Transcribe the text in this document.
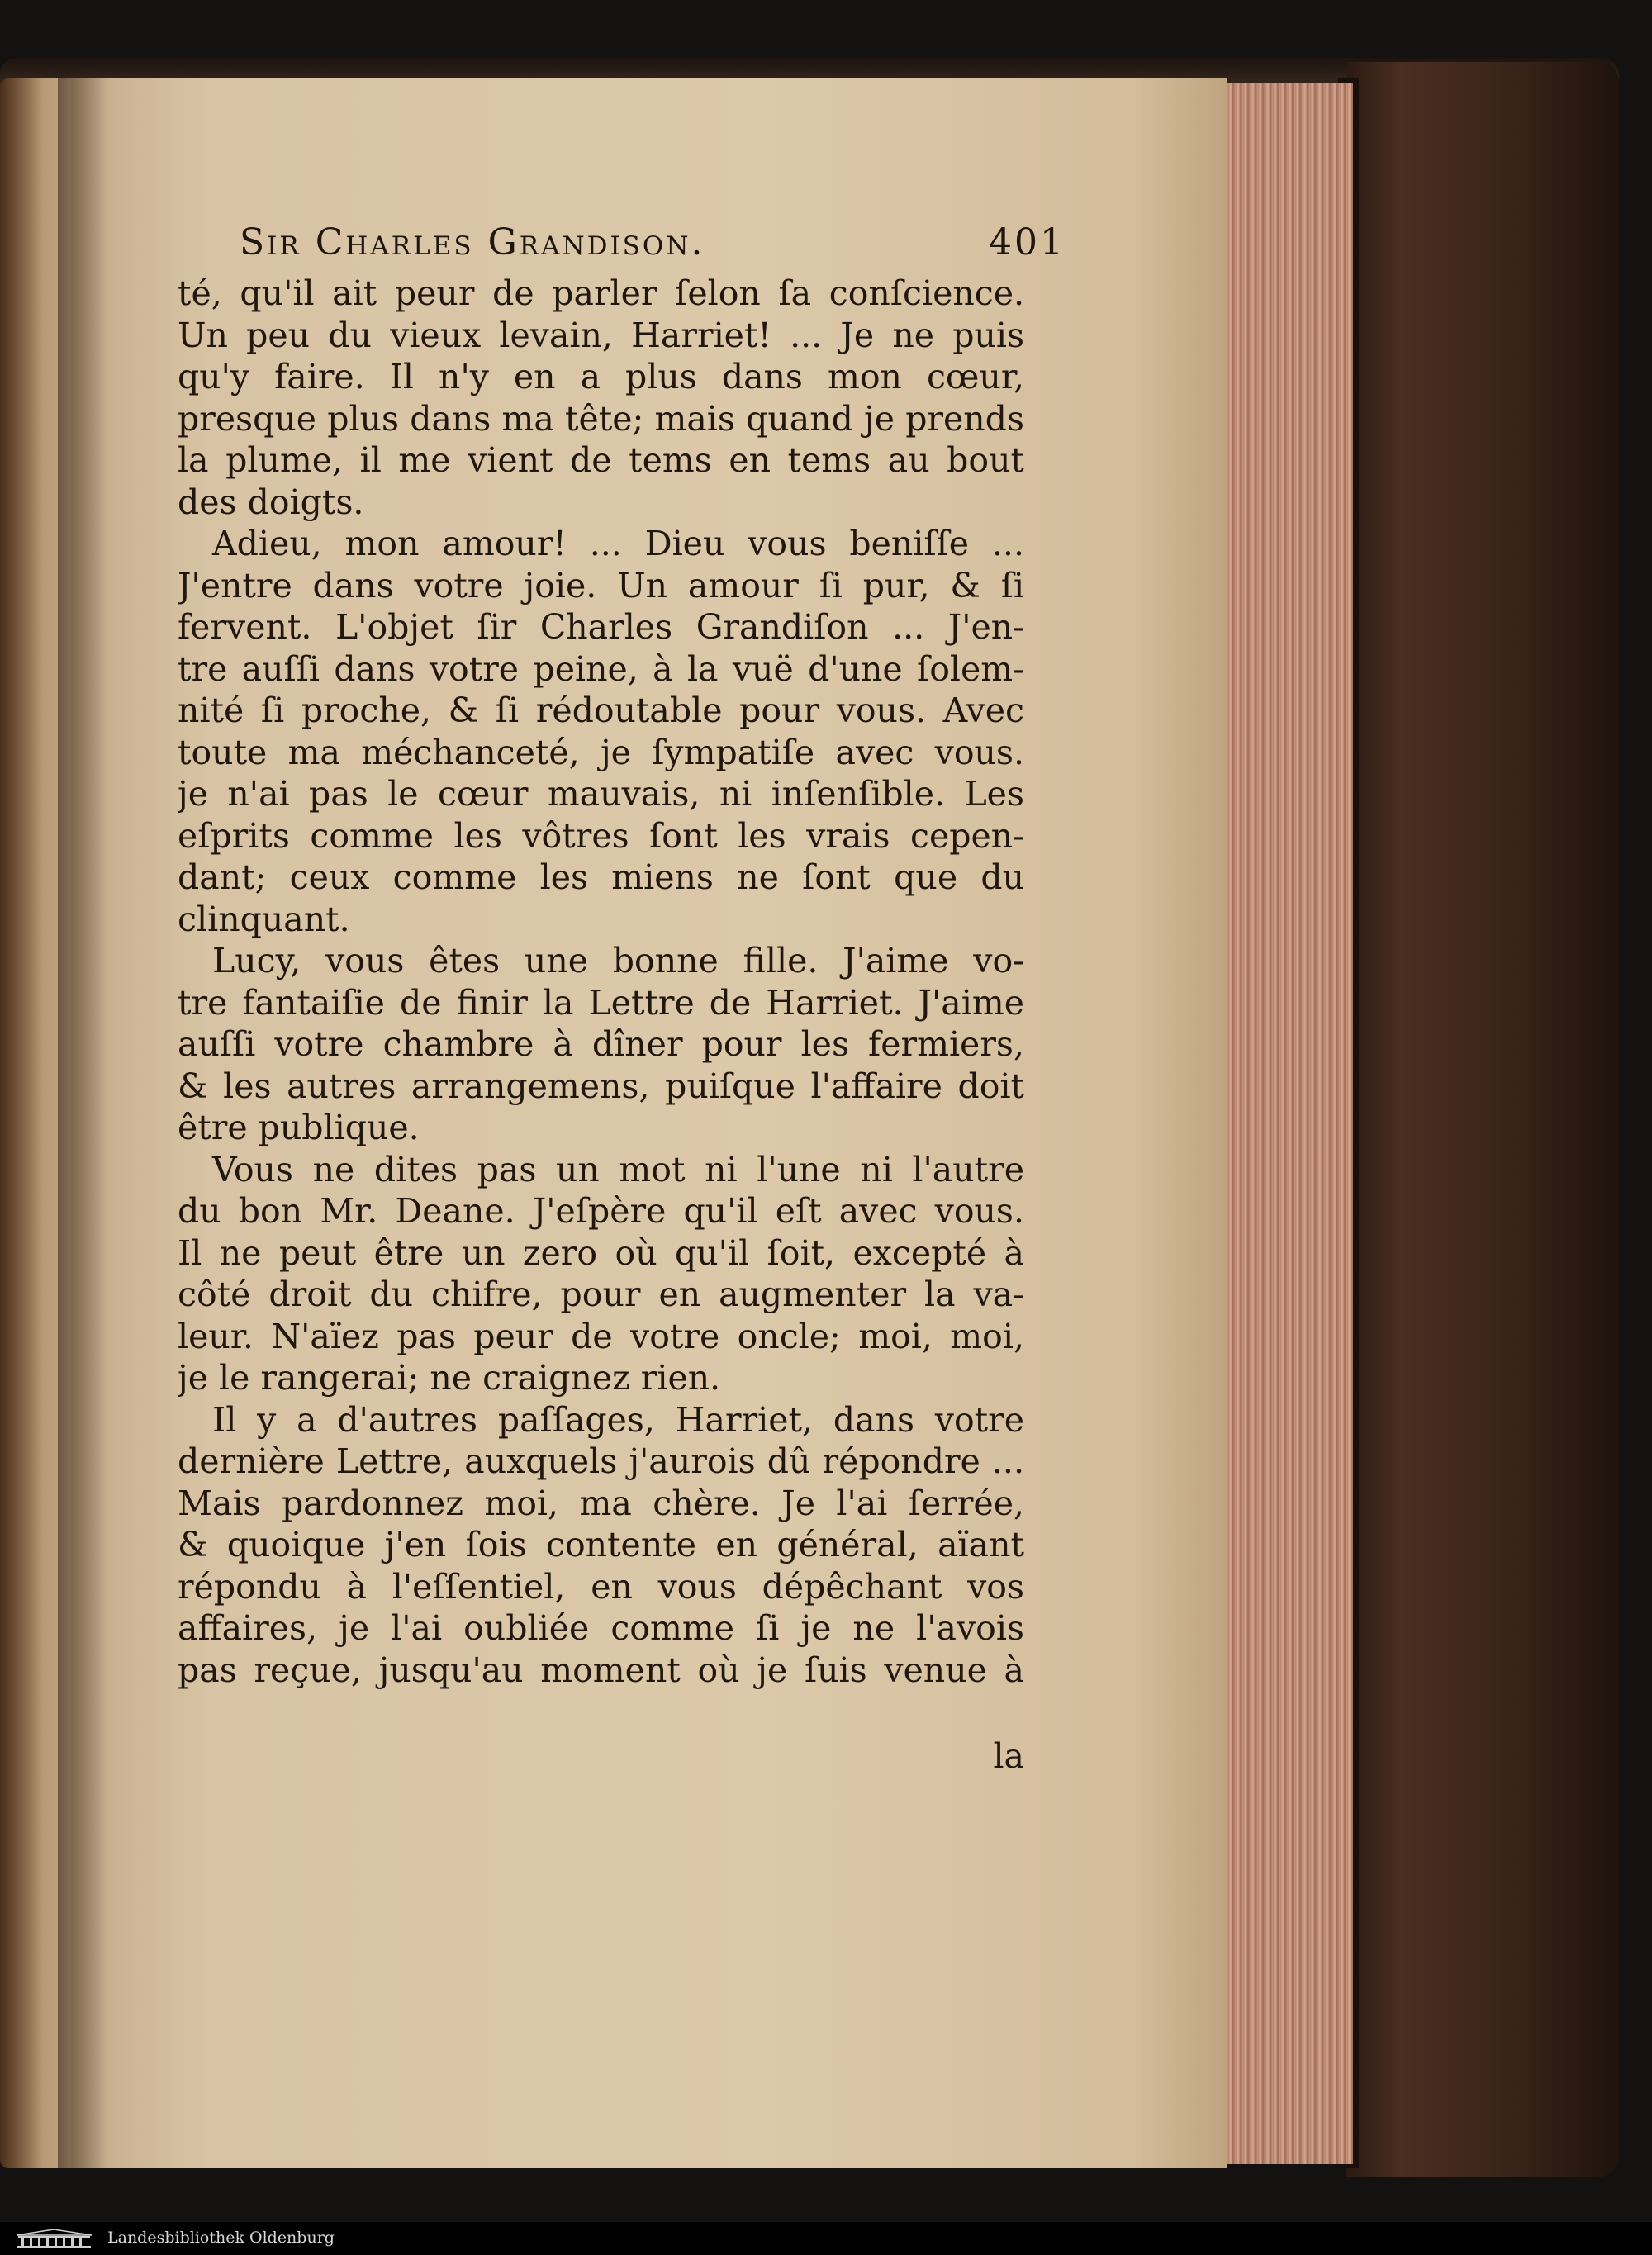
Sir Charles Grandison.	401
té, qu'il ait peur de parler ſelon ſa conſcience.
Un peu du vieux levain, Harriet! ... Je ne puis
qu'y faire. Il n'y en a plus dans mon cœur,
presque plus dans ma tête; mais quand je prends
la plume, il me vient de tems en tems au bout
des doigts.
Adieu, mon amour! ... Dieu vous beniſſe ...
J'entre dans votre joie. Un amour ſi pur, & ſi
fervent. L'objet ſir Charles Grandiſon ... J'en-
tre auſſi dans votre peine, à la vuë d'une ſolem-
nité ſi proche, & ſi rédoutable pour vous. Avec
toute ma méchanceté, je ſympatiſe avec vous.
je n'ai pas le cœur mauvais, ni inſenſible. Les
eſprits comme les vôtres ſont les vrais cepen-
dant; ceux comme les miens ne ſont que du
clinquant.
Lucy, vous êtes une bonne fille. J'aime vo-
tre fantaiſie de finir la Lettre de Harriet. J'aime
auſſi votre chambre à dîner pour les fermiers,
& les autres arrangemens, puiſque l'affaire doit
être publique.
Vous ne dites pas un mot ni l'une ni l'autre
du bon Mr. Deane. J'eſpère qu'il eſt avec vous.
Il ne peut être un zero où qu'il ſoit, excepté à
côté droit du chifre, pour en augmenter la va-
leur. N'aïez pas peur de votre oncle; moi, moi,
je le rangerai; ne craignez rien.
Il y a d'autres paſſages, Harriet, dans votre
dernière Lettre, auxquels j'aurois dû répondre ...
Mais pardonnez moi, ma chère. Je l'ai ſerrée,
& quoique j'en ſois contente en général, aïant
répondu à l'eſſentiel, en vous dépêchant vos
affaires, je l'ai oubliée comme ſi je ne l'avois
pas reçue, jusqu'au moment où je ſuis venue à
la
Landesbibliothek Oldenburg
